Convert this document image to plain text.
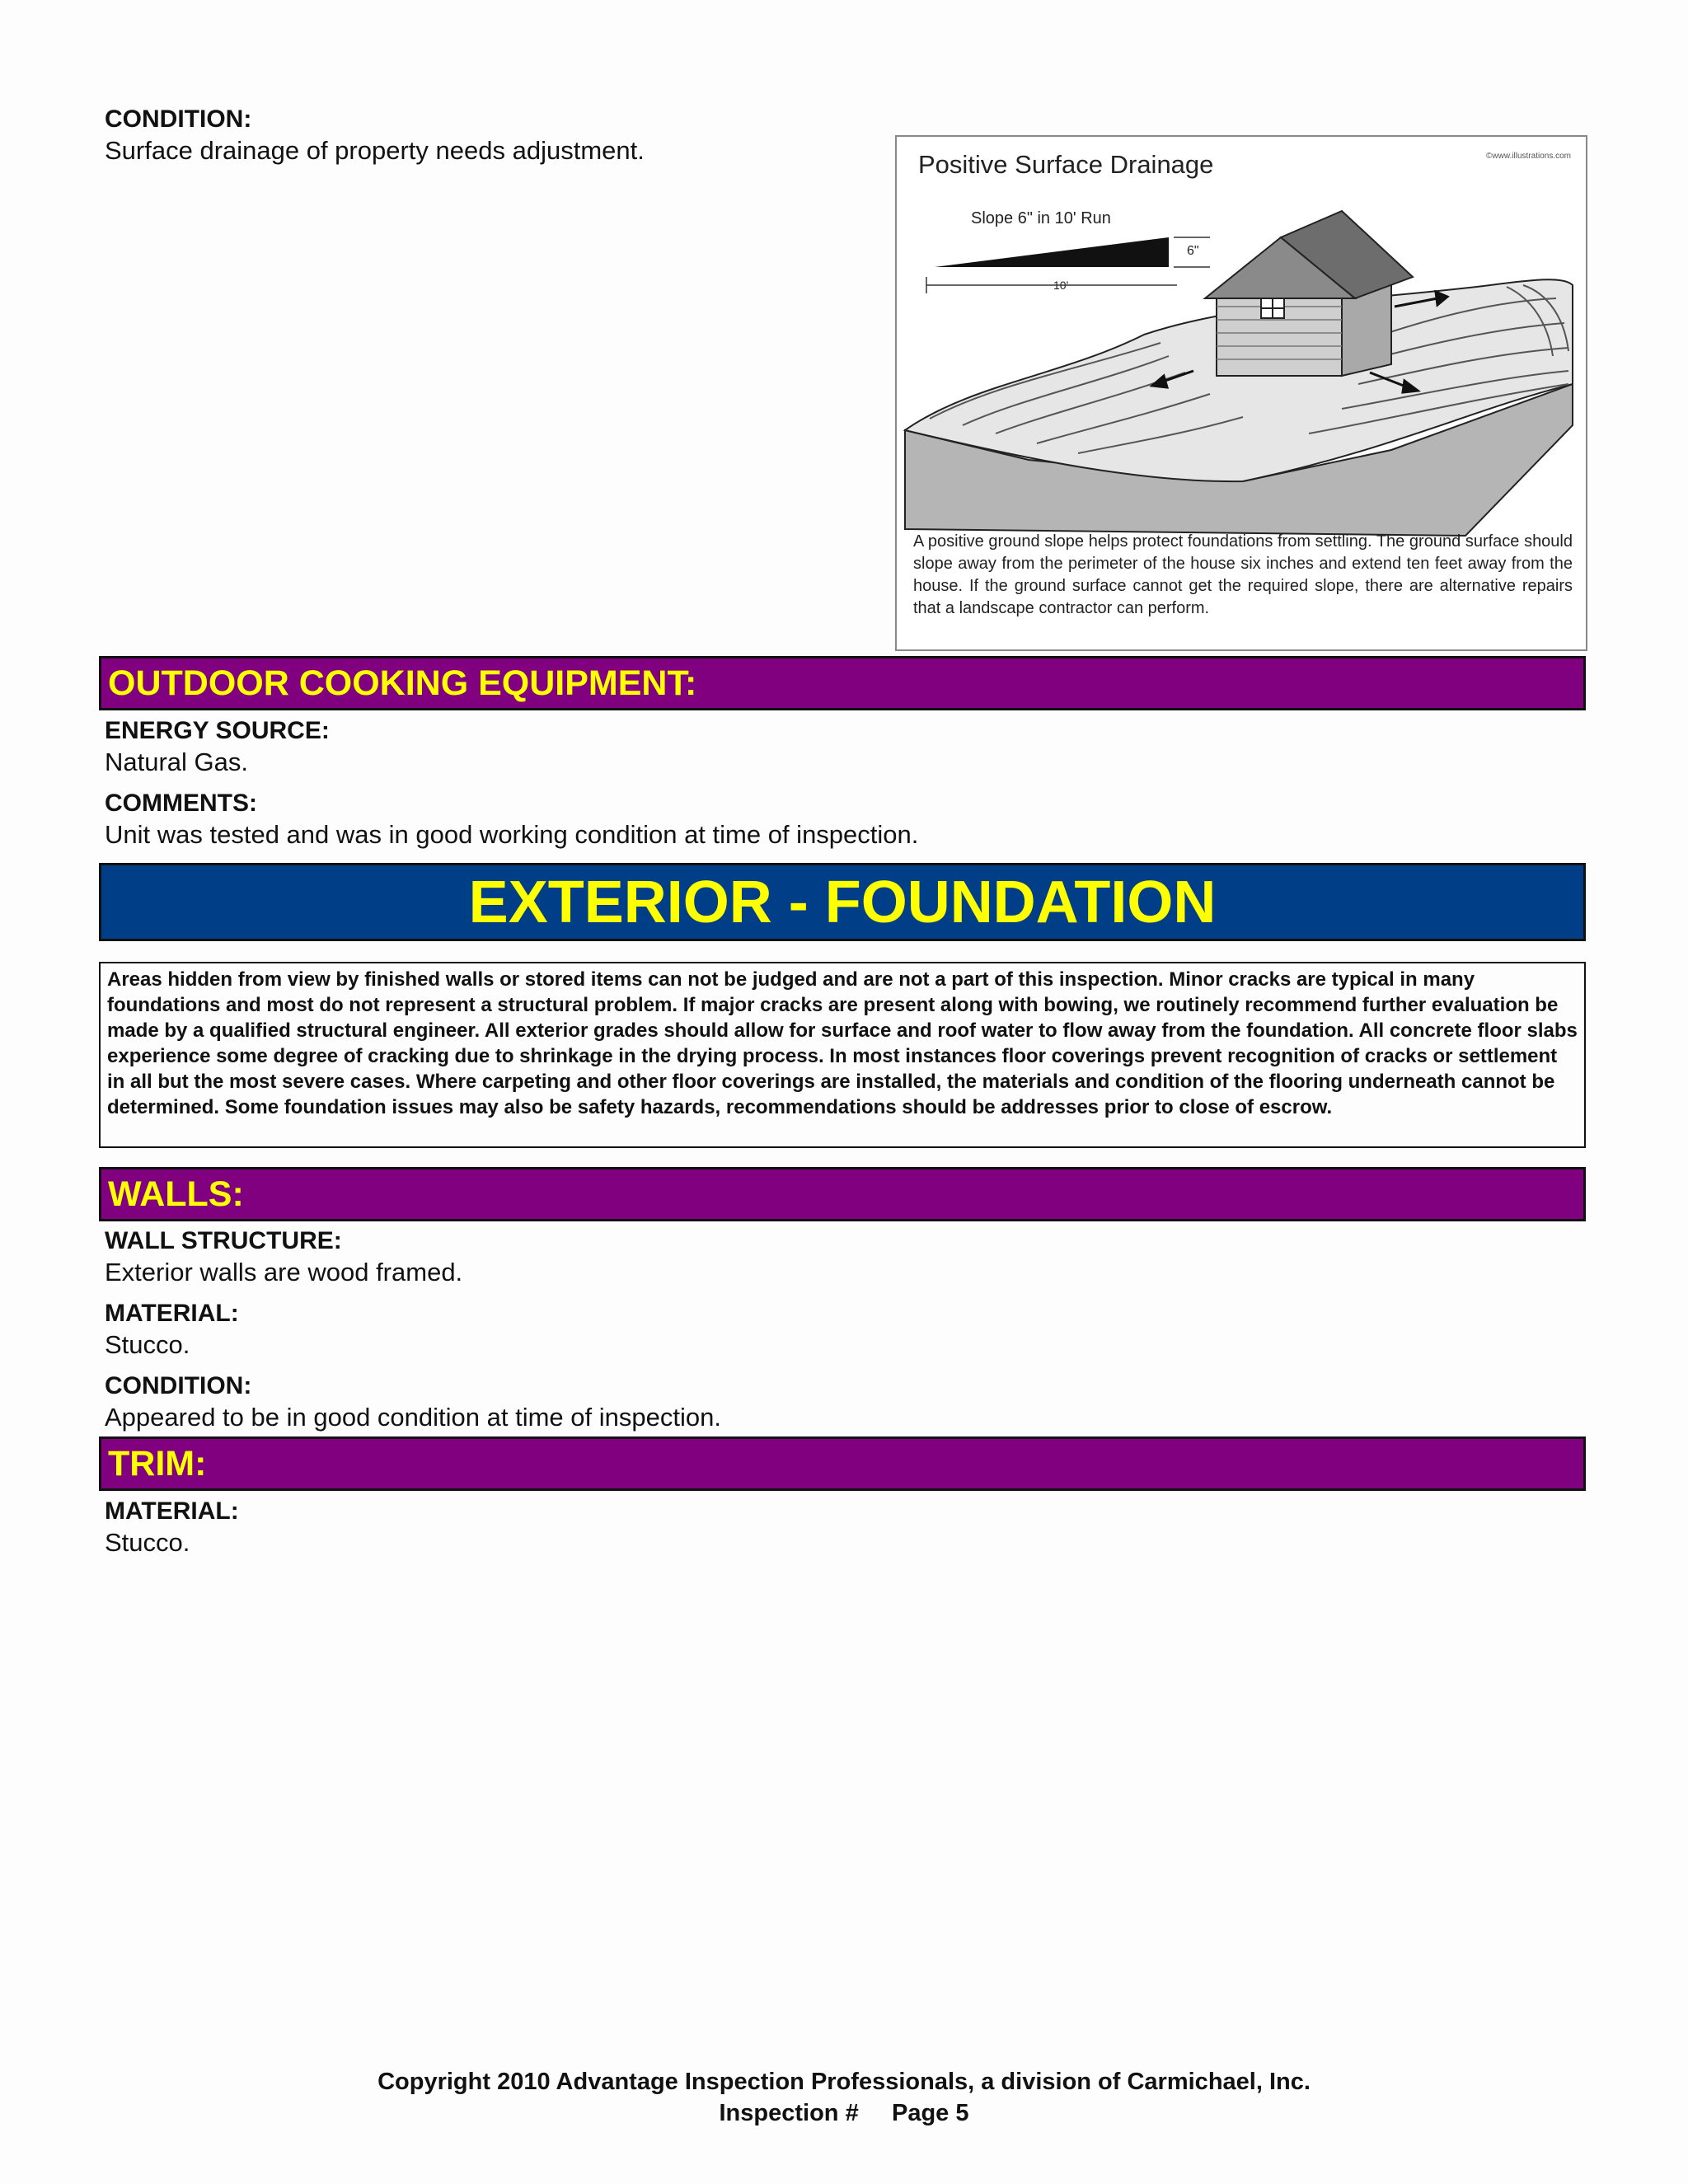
CONDITION:
Surface drainage of property needs adjustment.	Positive Surface Drainage	©www.illustrations.com
Slope 6" in 10' Run
6"
10'
A positive ground slope helps protect foundations from settling. The ground surface should slope away from the perimeter of the house six inches and extend ten feet away from the house. If the ground surface cannot get the required slope, there are alternative repairs that a landscape contractor can perform.
OUTDOOR COOKING EQUIPMENT:
ENERGY SOURCE:
Natural Gas.
COMMENTS:
Unit was tested and was in good working condition at time of inspection.
EXTERIOR - FOUNDATION
Areas hidden from view by finished walls or stored items can not be judged and are not a part of this inspection. Minor cracks are typical in many foundations and most do not represent a structural problem. If major cracks are present along with bowing, we routinely recommend further evaluation be made by a qualified structural engineer. All exterior grades should allow for surface and roof water to flow away from the foundation. All concrete floor slabs experience some degree of cracking due to shrinkage in the drying process. In most instances floor coverings prevent recognition of cracks or settlement in all but the most severe cases. Where carpeting and other floor coverings are installed, the materials and condition of the flooring underneath cannot be determined. Some foundation issues may also be safety hazards, recommendations should be addresses prior to close of escrow.
WALLS:
WALL STRUCTURE:
Exterior walls are wood framed.
MATERIAL:
Stucco.
CONDITION:
Appeared to be in good condition at time of inspection.
TRIM:
MATERIAL:
Stucco.
Copyright 2010 Advantage Inspection Professionals, a division of Carmichael, Inc.
Inspection #     Page 5
